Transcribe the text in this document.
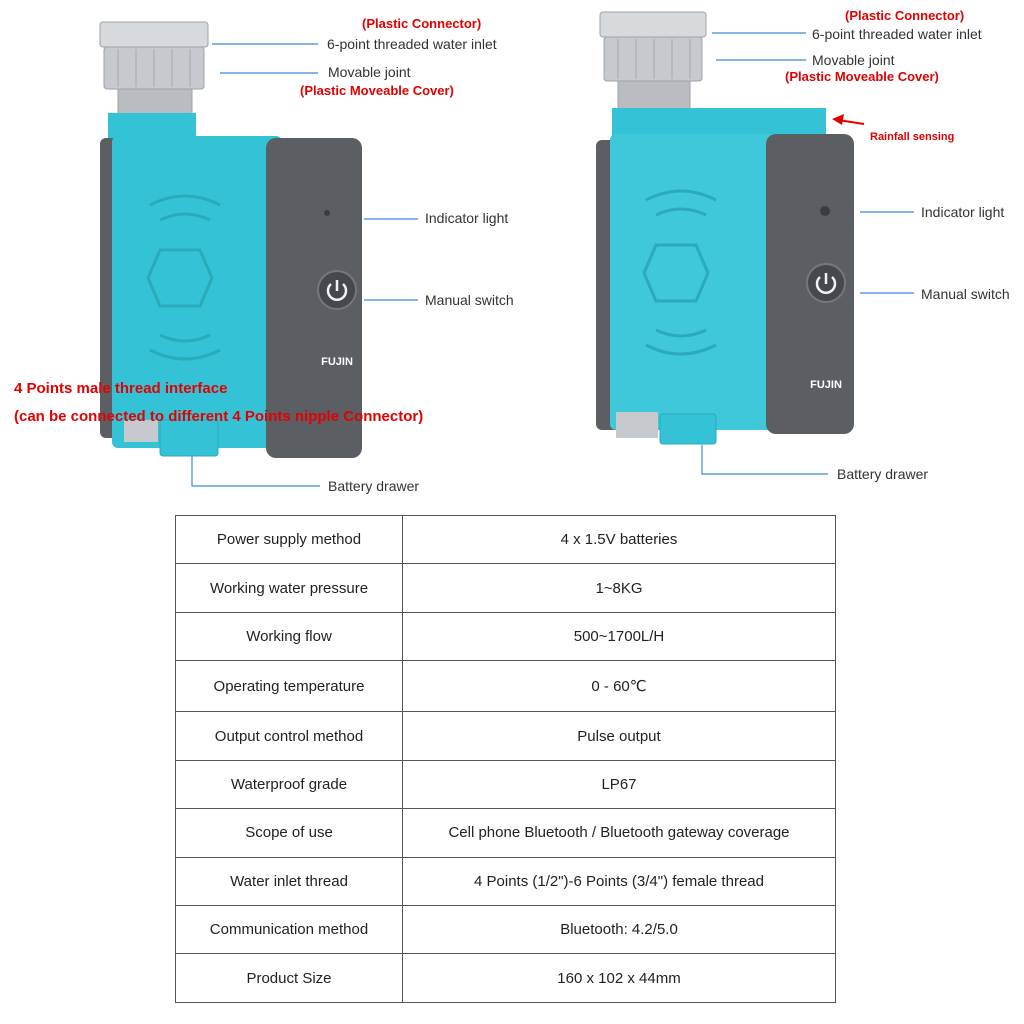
FUJIN
FUJIN
(Plastic Connector)
6-point threaded water inlet
Movable joint
(Plastic Moveable Cover)
Indicator light
Manual switch
4 Points male thread interface
(can be connected to different 4 Points nipple Connector)
Battery drawer
(Plastic Connector)
6-point threaded water inlet
Movable joint
(Plastic Moveable Cover)
Rainfall sensing
Indicator light
Manual switch
Battery drawer
Power supply method	4 x 1.5V batteries
Working water pressure	1~8KG
Working flow	500~1700L/H
Operating temperature	0 - 60℃
Output control method	Pulse output
Waterproof grade	LP67
Scope of use	Cell phone Bluetooth / Bluetooth gateway coverage
Water inlet thread	4 Points (1/2")-6 Points (3/4") female thread
Communication method	Bluetooth: 4.2/5.0
Product Size	160 x 102 x 44mm
